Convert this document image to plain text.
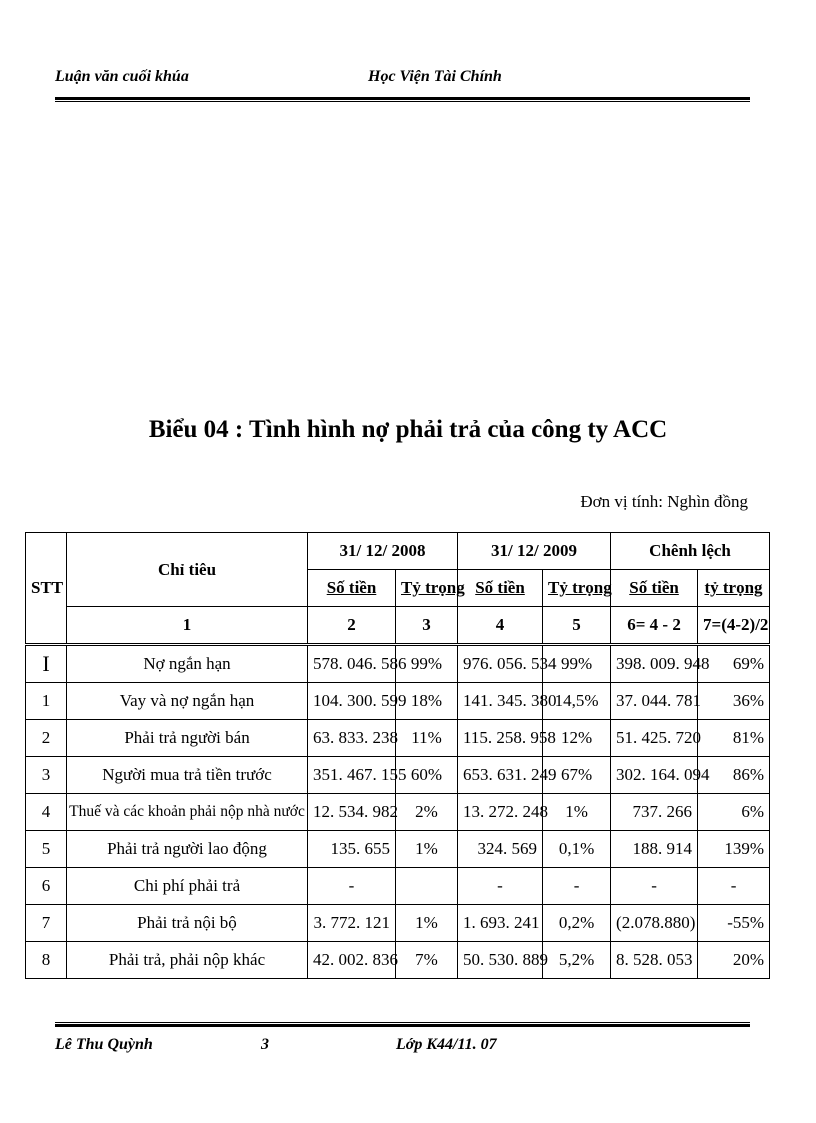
Luận văn cuối khúa	Học Viện Tài Chính
Biểu 04 : Tình hình nợ phải trả của công ty ACC
Đơn vị tính: Nghìn đồng
STT	Chỉ tiêu	31/ 12/ 2008		31/ 12/ 2009		Chênh lệch	
		Số tiền	Tỷ trọng	Số tiền	Tỷ trọng	Số tiền	tỷ trọng
	1	2	3	4	5	6= 4 - 2	7=(4-2)/2
I	Nợ ngắn hạn	578. 046. 586	99%	976. 056. 534	99%	398. 009. 948	69%
1	Vay và nợ ngắn hạn	104. 300. 599	18%	141. 345. 380	14,5%	37. 044. 781	36%
2	Phải trả người bán	63. 833. 238	11%	115. 258. 958	12%	51. 425. 720	81%
3	Người mua trả tiền trước	351. 467. 155	60%	653. 631. 249	67%	302. 164. 094	86%
4	Thuế và các khoản phải nộp nhà nước	12. 534. 982	2%	13. 272. 248	1%	737. 266	6%
5	Phải trả người lao động	135. 655	1%	324. 569	0,1%	188. 914	139%
6	Chi phí phải trả	-		-	-	-	-
7	Phải trả nội bộ	3. 772. 121	1%	1. 693. 241	0,2%	(2.078.880)	-55%
8	Phải trả, phải nộp khác	42. 002. 836	7%	50. 530. 889	5,2%	8. 528. 053	20%
Lê Thu Quỳnh	3	Lớp K44/11. 07
